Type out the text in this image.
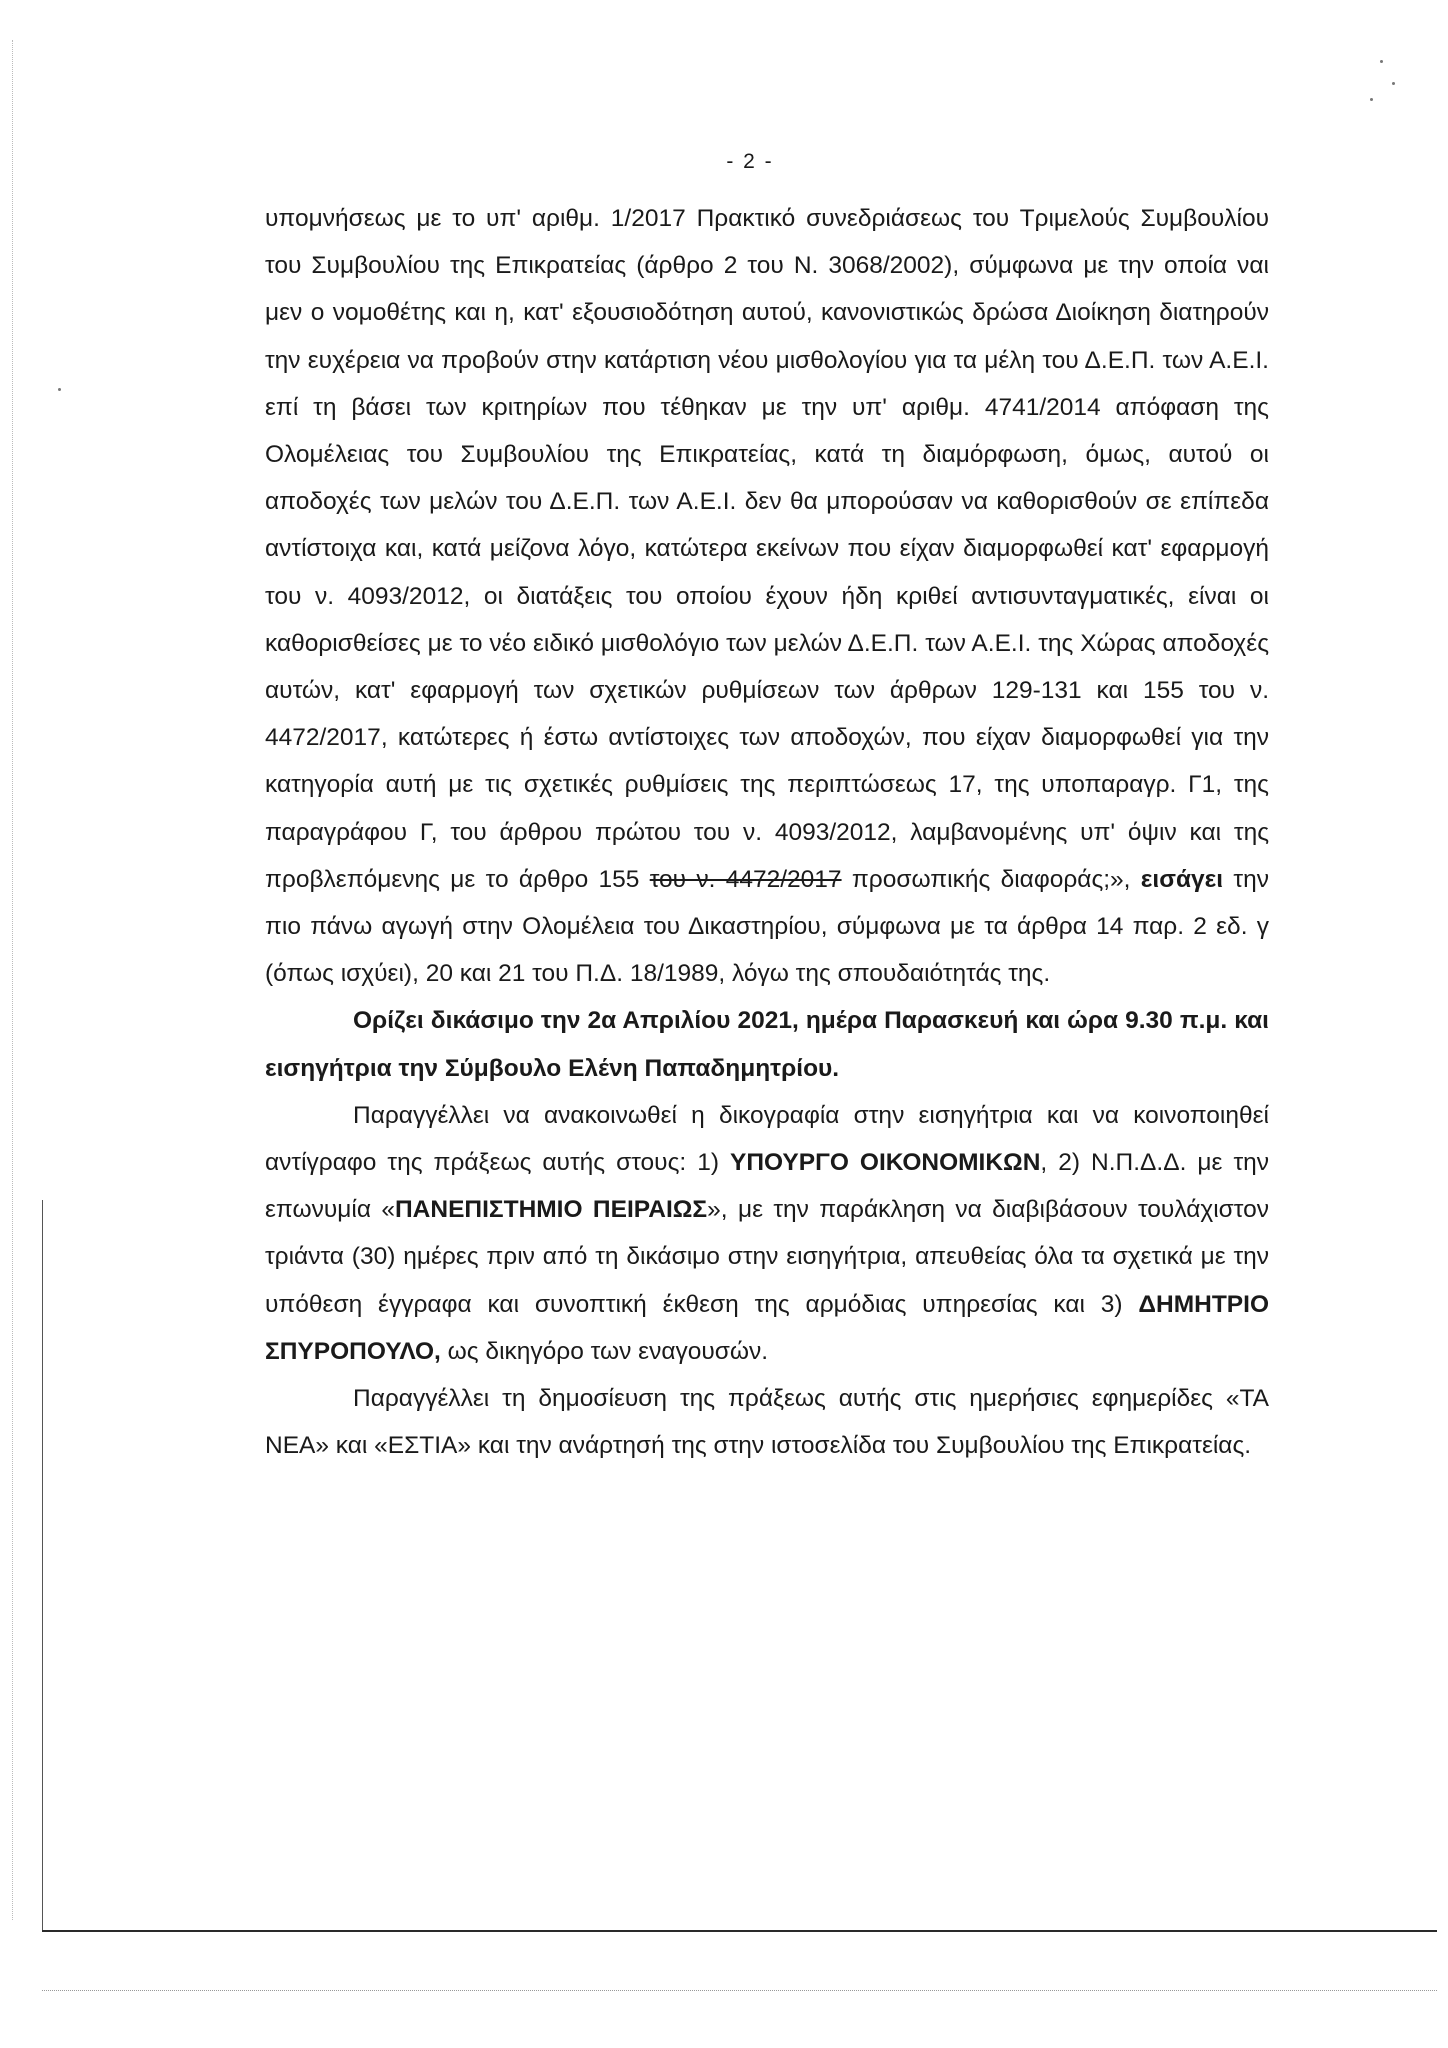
- 2 -

υπομνήσεως με το υπ' αριθμ. 1/2017 Πρακτικό συνεδριάσεως του Τριμελούς Συμβουλίου του Συμβουλίου της Επικρατείας (άρθρο 2 του Ν. 3068/2002), σύμφωνα με την οποία ναι μεν ο νομοθέτης και η, κατ' εξουσιοδότηση αυτού, κανονιστικώς δρώσα Διοίκηση διατηρούν την ευχέρεια να προβούν στην κατάρτιση νέου μισθολογίου για τα μέλη του Δ.Ε.Π. των Α.Ε.Ι. επί τη βάσει των κριτηρίων που τέθηκαν με την υπ' αριθμ. 4741/2014 απόφαση της Ολομέλειας του Συμβουλίου της Επικρατείας, κατά τη διαμόρφωση, όμως, αυτού οι αποδοχές των μελών του Δ.Ε.Π. των Α.Ε.Ι. δεν θα μπορούσαν να καθορισθούν σε επίπεδα αντίστοιχα και, κατά μείζονα λόγο, κατώτερα εκείνων που είχαν διαμορφωθεί κατ' εφαρμογή του ν. 4093/2012, οι διατάξεις του οποίου έχουν ήδη κριθεί αντισυνταγματικές, είναι οι καθορισθείσες με το νέο ειδικό μισθολόγιο των μελών Δ.Ε.Π. των Α.Ε.Ι. της Χώρας αποδοχές αυτών, κατ' εφαρμογή των σχετικών ρυθμίσεων των άρθρων 129-131 και 155 του ν. 4472/2017, κατώτερες ή έστω αντίστοιχες των αποδοχών, που είχαν διαμορφωθεί για την κατηγορία αυτή με τις σχετικές ρυθμίσεις της περιπτώσεως 17, της υποπαραγρ. Γ1, της παραγράφου Γ, του άρθρου πρώτου του ν. 4093/2012, λαμβανομένης υπ' όψιν και της προβλεπόμενης με το άρθρο 155 του ν. 4472/2017 προσωπικής διαφοράς;», εισάγει την πιο πάνω αγωγή στην Ολομέλεια του Δικαστηρίου, σύμφωνα με τα άρθρα 14 παρ. 2 εδ. γ (όπως ισχύει), 20 και 21 του Π.Δ. 18/1989, λόγω της σπουδαιότητάς της.

Ορίζει δικάσιμο την 2α Απριλίου 2021, ημέρα Παρασκευή και ώρα 9.30 π.μ. και εισηγήτρια την Σύμβουλο Ελένη Παπαδημητρίου.

Παραγγέλλει να ανακοινωθεί η δικογραφία στην εισηγήτρια και να κοινοποιηθεί αντίγραφο της πράξεως αυτής στους: 1) ΥΠΟΥΡΓΟ ΟΙΚΟΝΟΜΙΚΩΝ, 2) Ν.Π.Δ.Δ. με την επωνυμία «ΠΑΝΕΠΙΣΤΗΜΙΟ ΠΕΙΡΑΙΩΣ», με την παράκληση να διαβιβάσουν τουλάχιστον τριάντα (30) ημέρες πριν από τη δικάσιμο στην εισηγήτρια, απευθείας όλα τα σχετικά με την υπόθεση έγγραφα και συνοπτική έκθεση της αρμόδιας υπηρεσίας και 3) ΔΗΜΗΤΡΙΟ ΣΠΥΡΟΠΟΥΛΟ, ως δικηγόρο των εναγουσών.

Παραγγέλλει τη δημοσίευση της πράξεως αυτής στις ημερήσιες εφημερίδες «ΤΑ ΝΕΑ» και «ΕΣΤΙΑ» και την ανάρτησή της στην ιστοσελίδα του Συμβουλίου της Επικρατείας.
